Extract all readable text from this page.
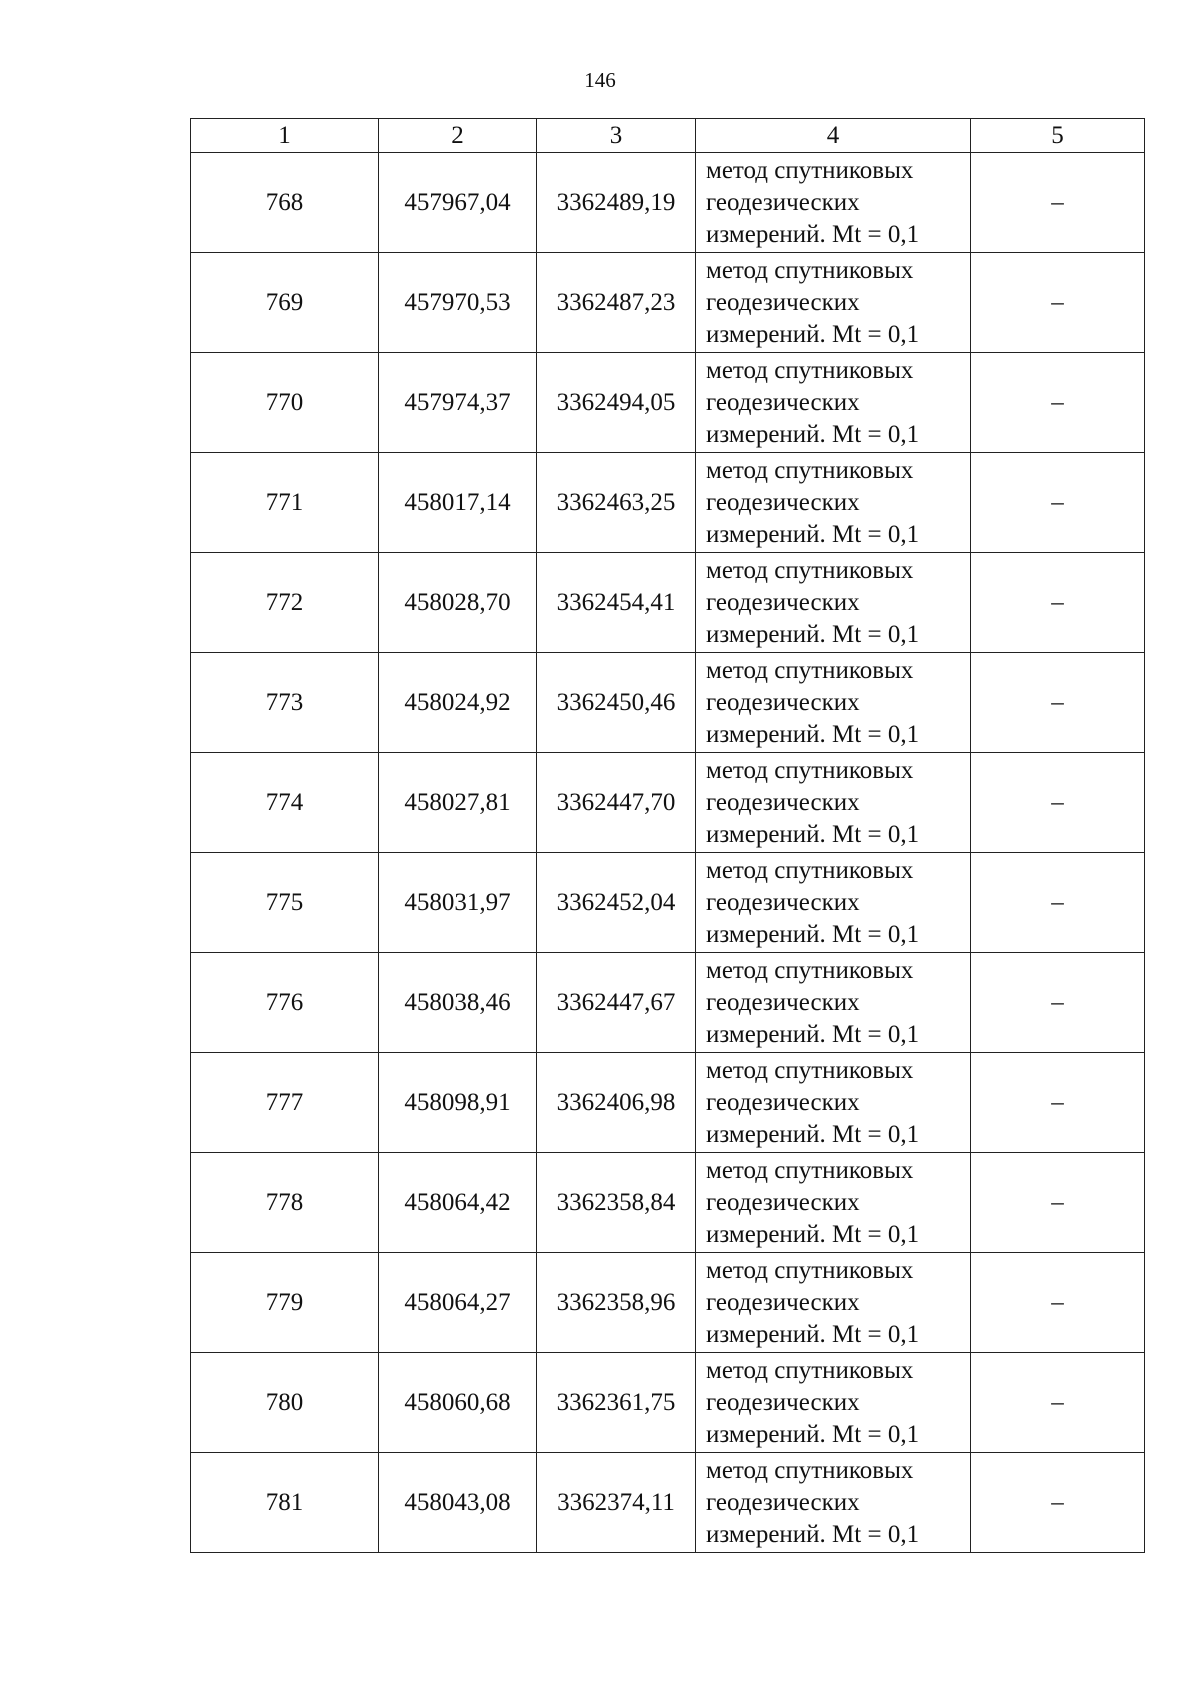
146
1	2	3	4	5
768	457967,04	3362489,19	метод спутниковых
геодезических
измерений. Mt = 0,1	–
769	457970,53	3362487,23	метод спутниковых
геодезических
измерений. Mt = 0,1	–
770	457974,37	3362494,05	метод спутниковых
геодезических
измерений. Mt = 0,1	–
771	458017,14	3362463,25	метод спутниковых
геодезических
измерений. Mt = 0,1	–
772	458028,70	3362454,41	метод спутниковых
геодезических
измерений. Mt = 0,1	–
773	458024,92	3362450,46	метод спутниковых
геодезических
измерений. Mt = 0,1	–
774	458027,81	3362447,70	метод спутниковых
геодезических
измерений. Mt = 0,1	–
775	458031,97	3362452,04	метод спутниковых
геодезических
измерений. Mt = 0,1	–
776	458038,46	3362447,67	метод спутниковых
геодезических
измерений. Mt = 0,1	–
777	458098,91	3362406,98	метод спутниковых
геодезических
измерений. Mt = 0,1	–
778	458064,42	3362358,84	метод спутниковых
геодезических
измерений. Mt = 0,1	–
779	458064,27	3362358,96	метод спутниковых
геодезических
измерений. Mt = 0,1	–
780	458060,68	3362361,75	метод спутниковых
геодезических
измерений. Mt = 0,1	–
781	458043,08	3362374,11	метод спутниковых
геодезических
измерений. Mt = 0,1	–
